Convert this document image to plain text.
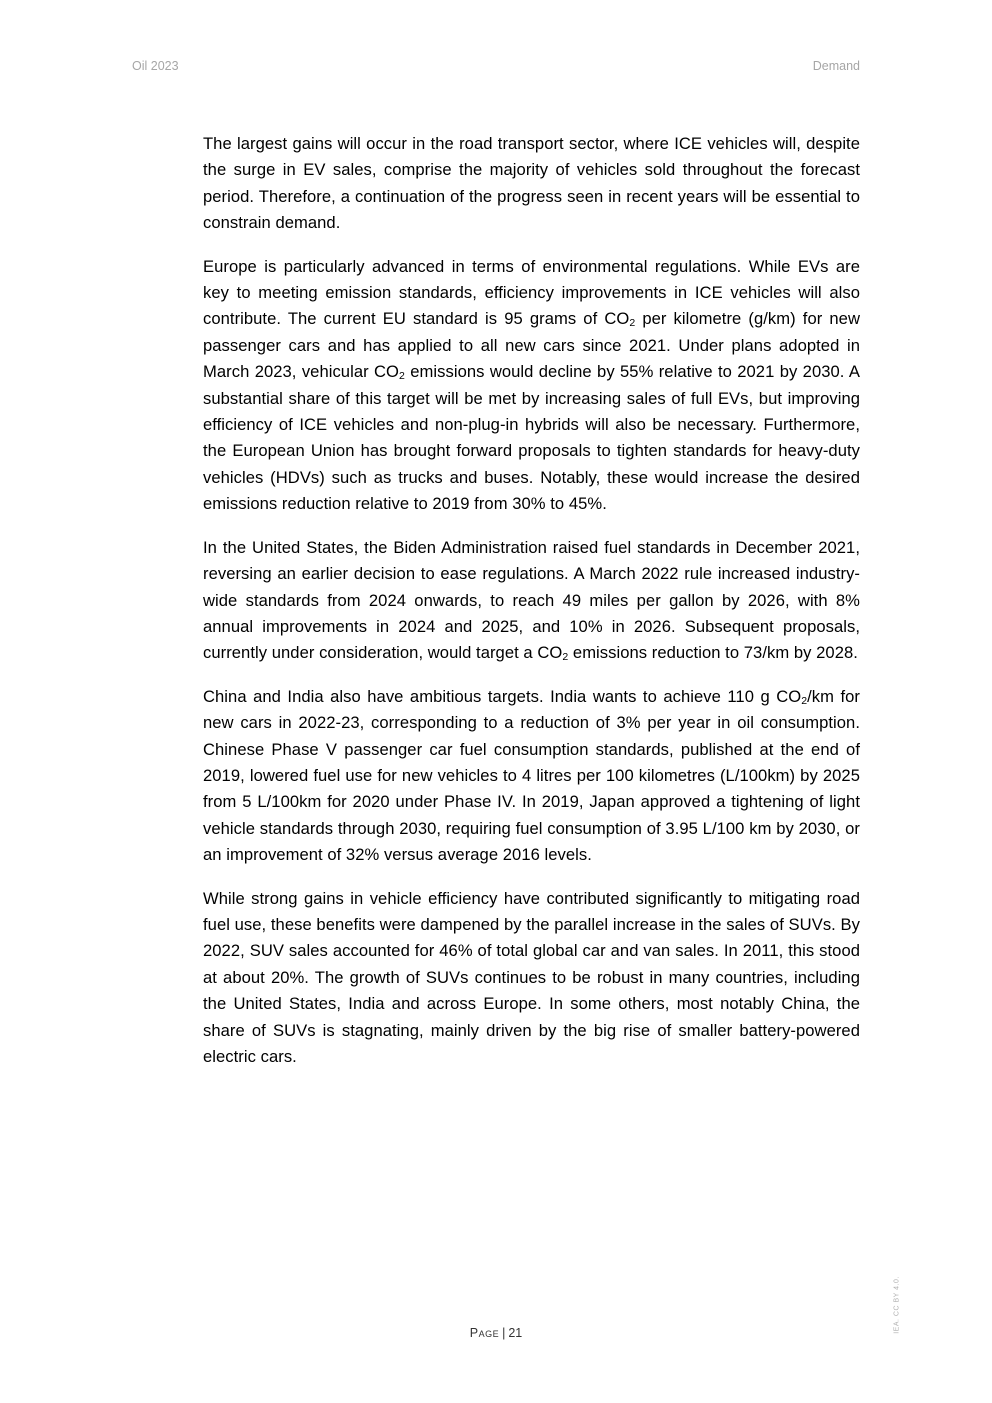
Oil 2023	Demand

The largest gains will occur in the road transport sector, where ICE vehicles will, despite the surge in EV sales, comprise the majority of vehicles sold throughout the forecast period. Therefore, a continuation of the progress seen in recent years will be essential to constrain demand.

Europe is particularly advanced in terms of environmental regulations. While EVs are key to meeting emission standards, efficiency improvements in ICE vehicles will also contribute. The current EU standard is 95 grams of $CO_2$ per kilometre (g/km) for new passenger cars and has applied to all new cars since 2021. Under plans adopted in March 2023, vehicular $CO_2$ emissions would decline by 55% relative to 2021 by 2030. A substantial share of this target will be met by increasing sales of full EVs, but improving efficiency of ICE vehicles and non-plug-in hybrids will also be necessary. Furthermore, the European Union has brought forward proposals to tighten standards for heavy-duty vehicles (HDVs) such as trucks and buses. Notably, these would increase the desired emissions reduction relative to 2019 from 30% to 45%.

In the United States, the Biden Administration raised fuel standards in December 2021, reversing an earlier decision to ease regulations. A March 2022 rule increased industry-wide standards from 2024 onwards, to reach 49 miles per gallon by 2026, with 8% annual improvements in 2024 and 2025, and 10% in 2026. Subsequent proposals, currently under consideration, would target a $CO_2$ emissions reduction to 73/km by 2028.

China and India also have ambitious targets. India wants to achieve 110 g $CO_2/km$ for new cars in 2022-23, corresponding to a reduction of 3% per year in oil consumption. Chinese Phase V passenger car fuel consumption standards, published at the end of 2019, lowered fuel use for new vehicles to 4 litres per 100 kilometres (L/100km) by 2025 from 5 L/100km for 2020 under Phase IV. In 2019, Japan approved a tightening of light vehicle standards through 2030, requiring fuel consumption of 3.95 L/100 km by 2030, or an improvement of 32% versus average 2016 levels.

While strong gains in vehicle efficiency have contributed significantly to mitigating road fuel use, these benefits were dampened by the parallel increase in the sales of SUVs. By 2022, SUV sales accounted for 46% of total global car and van sales. In 2011, this stood at about 20%. The growth of SUVs continues to be robust in many countries, including the United States, India and across Europe. In some others, most notably China, the share of SUVs is stagnating, mainly driven by the big rise of smaller battery-powered electric cars.

Page | 21	IEA. CC BY 4.0.
